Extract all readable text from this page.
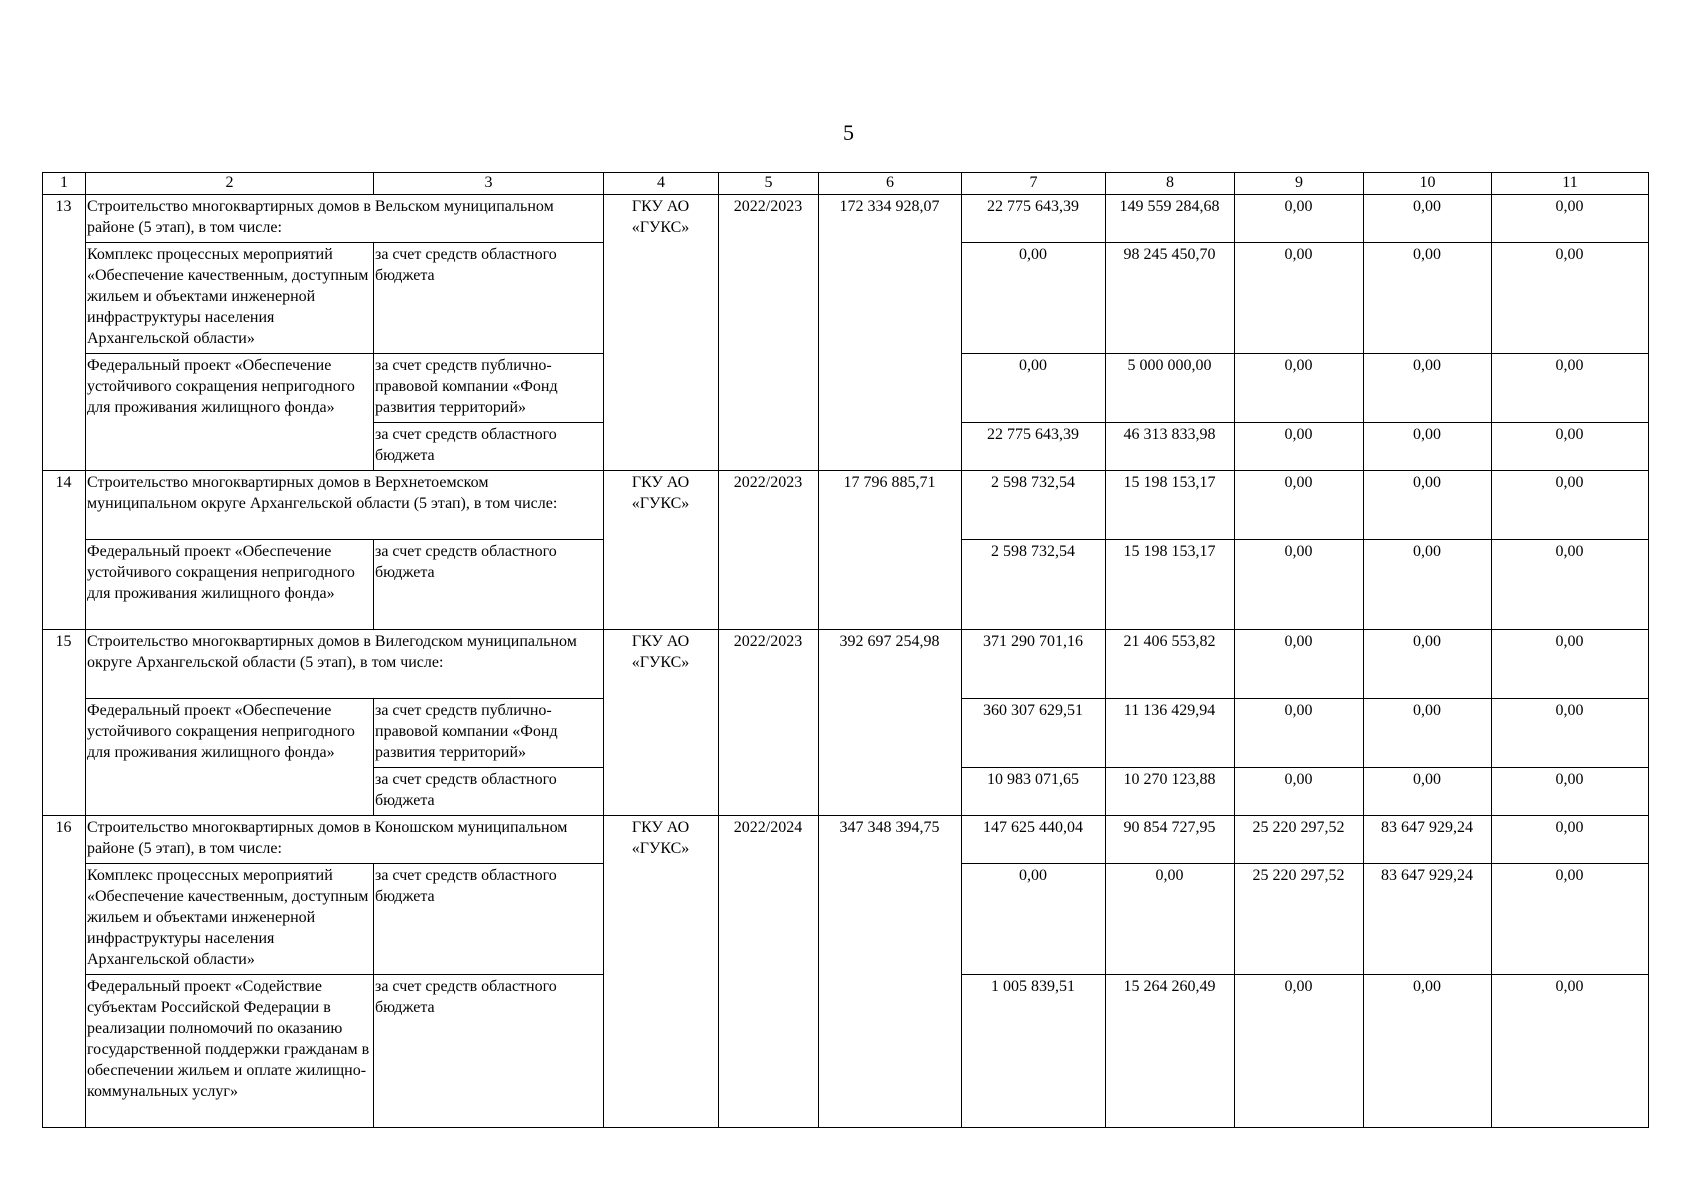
5
1	2	3	4	5	6	7	8	9	10	11
13	Строительство многоквартирных домов в Вельском муниципальном районе (5 этап), в том числе:		ГКУ АО «ГУКС»	2022/2023	172 334 928,07	22 775 643,39	149 559 284,68	0,00	0,00	0,00
	Комплекс процессных мероприятий «Обеспечение качественным, доступным жильем и объектами инженерной инфраструктуры населения Архангельской области»	за счет средств областного бюджета				0,00	98 245 450,70	0,00	0,00	0,00
	Федеральный проект «Обеспечение устойчивого сокращения непригодного для проживания жилищного фонда»	за счет средств публично-правовой компании «Фонд развития территорий»				0,00	5 000 000,00	0,00	0,00	0,00
		за счет средств областного бюджета				22 775 643,39	46 313 833,98	0,00	0,00	0,00
14	Строительство многоквартирных домов в Верхнетоемском муниципальном округе Архангельской области (5 этап), в том числе:		ГКУ АО «ГУКС»	2022/2023	17 796 885,71	2 598 732,54	15 198 153,17	0,00	0,00	0,00
	Федеральный проект «Обеспечение устойчивого сокращения непригодного для проживания жилищного фонда»	за счет средств областного бюджета				2 598 732,54	15 198 153,17	0,00	0,00	0,00
15	Строительство многоквартирных домов в Вилегодском муниципальном округе Архангельской области (5 этап), в том числе:		ГКУ АО «ГУКС»	2022/2023	392 697 254,98	371 290 701,16	21 406 553,82	0,00	0,00	0,00
	Федеральный проект «Обеспечение устойчивого сокращения непригодного для проживания жилищного фонда»	за счет средств публично-правовой компании «Фонд развития территорий»				360 307 629,51	11 136 429,94	0,00	0,00	0,00
		за счет средств областного бюджета				10 983 071,65	10 270 123,88	0,00	0,00	0,00
16	Строительство многоквартирных домов в Коношском муниципальном районе (5 этап), в том числе:		ГКУ АО «ГУКС»	2022/2024	347 348 394,75	147 625 440,04	90 854 727,95	25 220 297,52	83 647 929,24	0,00
	Комплекс процессных мероприятий «Обеспечение качественным, доступным жильем и объектами инженерной инфраструктуры населения Архангельской области»	за счет средств областного бюджета				0,00	0,00	25 220 297,52	83 647 929,24	0,00
	Федеральный проект «Содействие субъектам Российской Федерации в реализации полномочий по оказанию государственной поддержки гражданам в обеспечении жильем и оплате жилищно-коммунальных услуг»	за счет средств областного бюджета				1 005 839,51	15 264 260,49	0,00	0,00	0,00
